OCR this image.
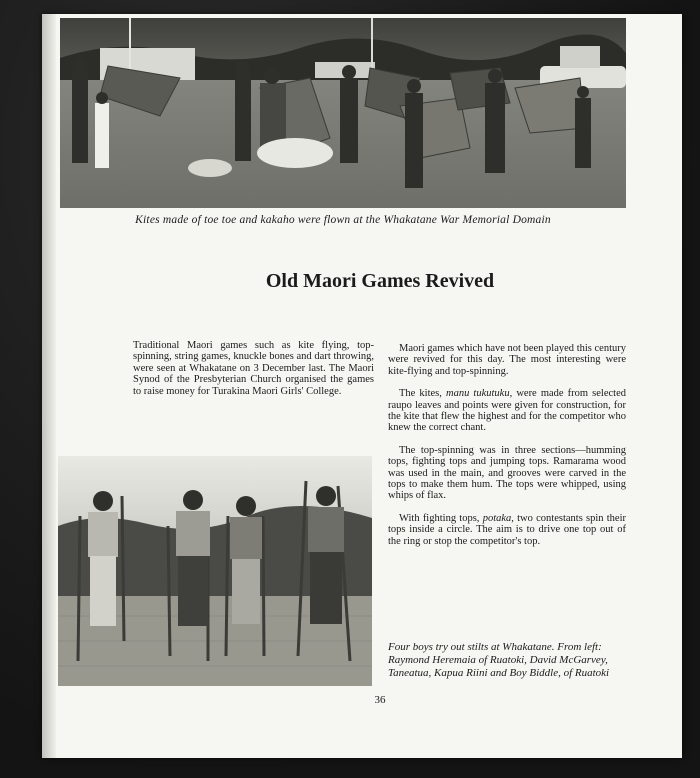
Kites made of toe toe and kakaho were flown at the Whakatane War Memorial Domain
Old Maori Games Revived

Traditional Maori games such as kite flying, top-spinning, string games, knuckle bones and dart throwing, were seen at Whakatane on 3 December last. The Maori Synod of the Presbyterian Church organised the games to raise money for Turakina Maori Girls' College.

Maori games which have not been played this century were revived for this day. The most interesting were kite-flying and top-spinning.

The kites, manu tukutuku, were made from selected raupo leaves and points were given for construction, for the kite that flew the highest and for the competitor who knew the correct chant.

The top-spinning was in three sections—humming tops, fighting tops and jumping tops. Ramarama wood was used in the main, and grooves were carved in the tops to make them hum. The tops were whipped, using whips of flax.

With fighting tops, potaka, two contestants spin their tops inside a circle. The aim is to drive one top out of the ring or stop the competitor's top.

Four boys try out stilts at Whakatane. From left: Raymond Heremaia of Ruatoki, David McGarvey, Taneatua, Kapua Riini and Boy Biddle, of Ruatoki
36
